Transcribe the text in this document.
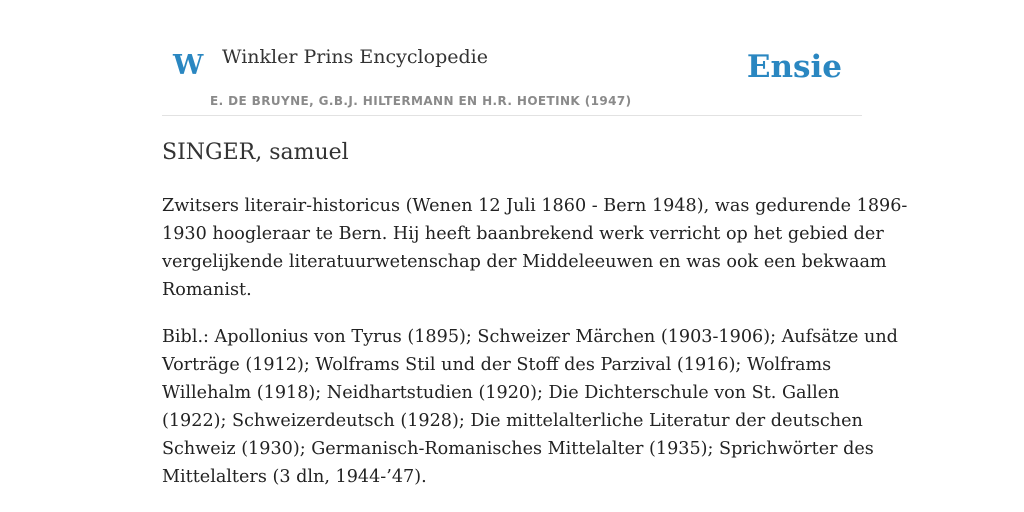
W Winkler Prins Encyclopedie	Ensie
E. DE BRUYNE, G.B.J. HILTERMANN EN H.R. HOETINK (1947)
SINGER, samuel

Zwitsers literair-historicus (Wenen 12 Juli 1860 - Bern 1948), was gedurende 1896-
1930 hoogleraar te Bern. Hij heeft baanbrekend werk verricht op het gebied der
vergelijkende literatuurwetenschap der Middeleeuwen en was ook een bekwaam
Romanist.

Bibl.: Apollonius von Tyrus (1895); Schweizer Märchen (1903-1906); Aufsätze und
Vorträge (1912); Wolframs Stil und der Stoff des Parzival (1916); Wolframs
Willehalm (1918); Neidhartstudien (1920); Die Dichterschule von St. Gallen
(1922); Schweizerdeutsch (1928); Die mittelalterliche Literatur der deutschen
Schweiz (1930); Germanisch-Romanisches Mittelalter (1935); Sprichwörter des
Mittelalters (3 dln, 1944-’47).
